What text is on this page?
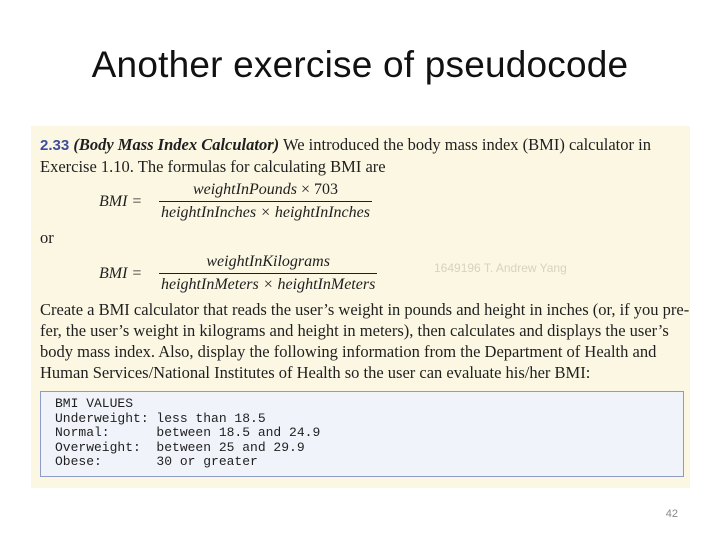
Another exercise of pseudocode
2.33 (Body Mass Index Calculator) We introduced the body mass index (BMI) calculator in
Exercise 1.10. The formulas for calculating BMI are
BMI =	$\frac{\text{weightInPounds × 703}}{\text{heightInInches × heightInInches}}$
or
BMI =	$\frac{\text{weightInKilograms}}{\text{heightInMeters × heightInMeters}}$	1649196 T. Andrew Yang
Create a BMI calculator that reads the user’s weight in pounds and height in inches (or, if you pre-
fer, the user’s weight in kilograms and height in meters), then calculates and displays the user’s
body mass index. Also, display the following information from the Department of Health and
Human Services/National Institutes of Health so the user can evaluate his/her BMI:
BMI VALUES
Underweight: less than 18.5
Normal:      between 18.5 and 24.9
Overweight:  between 25 and 29.9
Obese:       30 or greater
42
